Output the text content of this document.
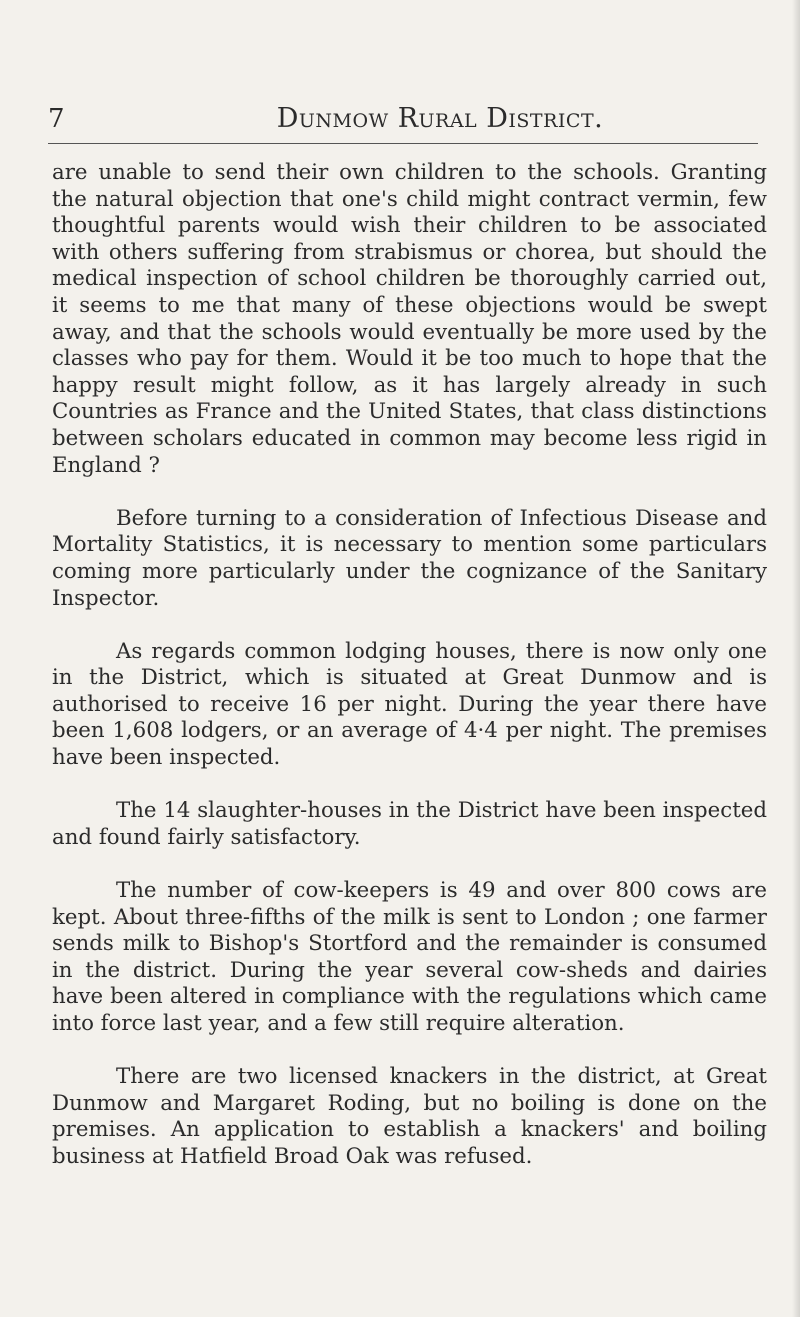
7	Dunmow Rural District.

are unable to send their own children to the schools. Granting the natural objection that one's child might contract vermin, few thoughtful parents would wish their children to be associated with others suffering from strabismus or chorea, but should the medical inspection of school children be thoroughly carried out, it seems to me that many of these objections would be swept away, and that the schools would eventually be more used by the classes who pay for them. Would it be too much to hope that the happy result might follow, as it has largely already in such Countries as France and the United States, that class distinctions between scholars educated in common may become less rigid in England ?

Before turning to a consideration of Infectious Disease and Mortality Statistics, it is necessary to mention some particulars coming more particularly under the cognizance of the Sanitary Inspector.

As regards common lodging houses, there is now only one in the District, which is situated at Great Dunmow and is authorised to receive 16 per night. During the year there have been 1,608 lodgers, or an average of 4·4 per night. The premises have been inspected.

The 14 slaughter-houses in the District have been inspected and found fairly satisfactory.

The number of cow-keepers is 49 and over 800 cows are kept. About three-fifths of the milk is sent to London ; one farmer sends milk to Bishop's Stortford and the remainder is consumed in the district. During the year several cow-sheds and dairies have been altered in compliance with the regulations which came into force last year, and a few still require alteration.

There are two licensed knackers in the district, at Great Dunmow and Margaret Roding, but no boiling is done on the premises. An application to establish a knackers' and boiling business at Hatfield Broad Oak was refused.
